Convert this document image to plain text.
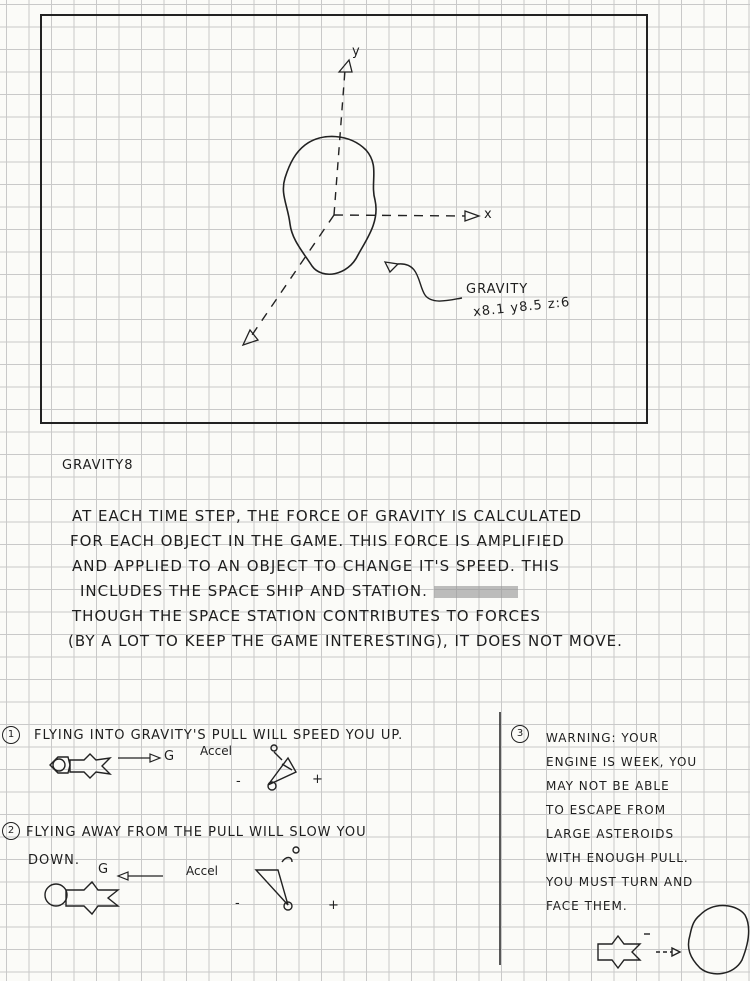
y
x
GRAVITY
x8.1 y8.5 z:6
GRAVITY8
AT EACH TIME STEP, THE FORCE OF GRAVITY IS CALCULATED
FOR EACH OBJECT IN THE GAME. THIS FORCE IS AMPLIFIED
AND APPLIED TO AN OBJECT TO CHANGE IT'S SPEED. THIS
INCLUDES THE SPACE SHIP AND STATION.
THOUGH THE SPACE STATION CONTRIBUTES TO FORCES
(BY A LOT TO KEEP THE GAME INTERESTING), IT DOES NOT MOVE.
1	FLYING INTO GRAVITY'S PULL WILL SPEED YOU UP.
G Accel
-	+
2 FLYING AWAY FROM THE PULL WILL SLOW YOU
DOWN.
G	Accel
-	+
3	WARNING: YOUR
ENGINE IS WEEK, YOU
MAY NOT BE ABLE
TO ESCAPE FROM
LARGE ASTEROIDS
WITH ENOUGH PULL.
YOU MUST TURN AND
FACE THEM.
